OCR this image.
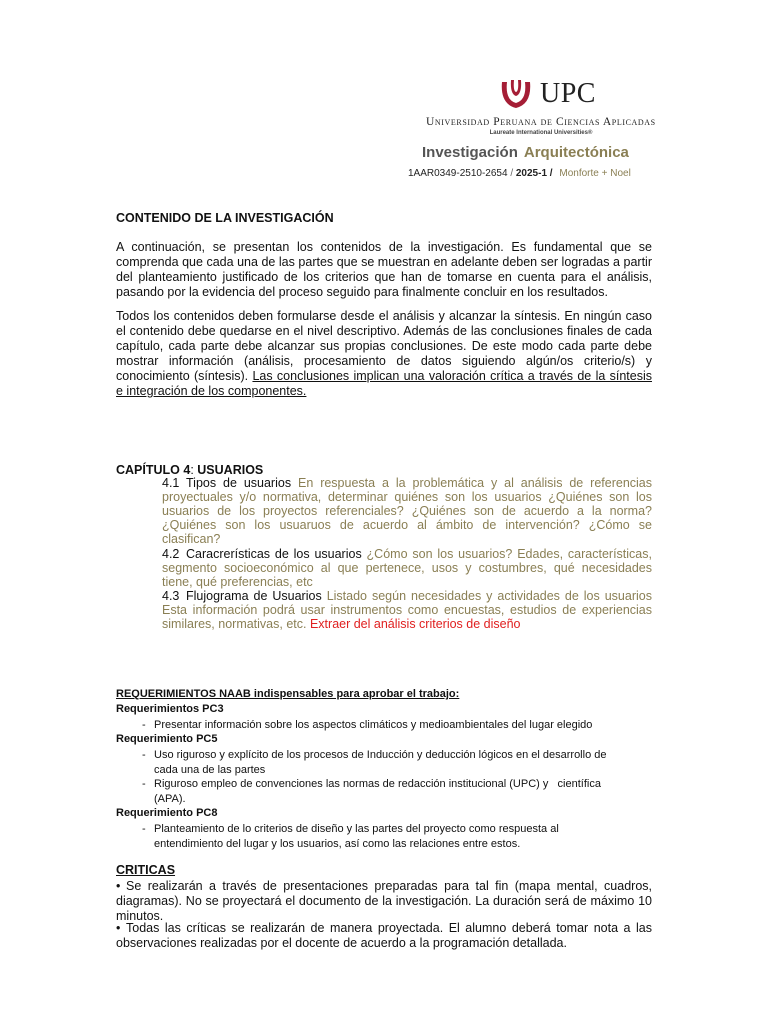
UPC
Universidad Peruana de Ciencias Aplicadas
Laureate International Universities®
Investigación Arquitectónica
1AAR0349-2510-2654 / 2025-1 / Monforte + Noel
CONTENIDO DE LA INVESTIGACIÓN
A continuación, se presentan los contenidos de la investigación. Es fundamental que se comprenda que cada una de las partes que se muestran en adelante deben ser logradas a partir del planteamiento justificado de los criterios que han de tomarse en cuenta para el análisis, pasando por la evidencia del proceso seguido para finalmente concluir en los resultados.
Todos los contenidos deben formularse desde el análisis y alcanzar la síntesis. En ningún caso el contenido debe quedarse en el nivel descriptivo. Además de las conclusiones finales de cada capítulo, cada parte debe alcanzar sus propias conclusiones. De este modo cada parte debe mostrar información (análisis, procesamiento de datos siguiendo algún/os criterio/s) y conocimiento (síntesis). Las conclusiones implican una valoración crítica a través de la síntesis e integración de los componentes.
CAPÍTULO 4: USUARIOS
4.1 Tipos de usuarios En respuesta a la problemática y al análisis de referencias proyectuales y/o normativa, determinar quiénes son los usuarios ¿Quiénes son los usuarios de los proyectos referenciales? ¿Quiénes son de acuerdo a la norma? ¿Quiénes son los usuaruos de acuerdo al ámbito de intervención? ¿Cómo se clasifican?
4.2 Caracrerísticas de los usuarios ¿Cómo son los usuarios? Edades, características, segmento socioeconómico al que pertenece, usos y costumbres, qué necesidades tiene, qué preferencias, etc
4.3 Flujograma de Usuarios Listado según necesidades y actividades de los usuarios Esta información podrá usar instrumentos como encuestas, estudios de experiencias similares, normativas, etc. Extraer del análisis criterios de diseño
REQUERIMIENTOS NAAB indispensables para aprobar el trabajo:
Requerimientos PC3
- Presentar información sobre los aspectos climáticos y medioambientales del lugar elegido
Requerimiento PC5
- Uso riguroso y explícito de los procesos de Inducción y deducción lógicos en el desarrollo de
cada una de las partes
- Riguroso empleo de convenciones las normas de redacción institucional (UPC) y   científica
(APA).
Requerimiento PC8
- Planteamiento de lo criterios de diseño y las partes del proyecto como respuesta al
entendimiento del lugar y los usuarios, así como las relaciones entre estos.
CRITICAS
• Se realizarán a través de presentaciones preparadas para tal fin (mapa mental, cuadros, diagramas). No se proyectará el documento de la investigación. La duración será de máximo 10 minutos.
• Todas las críticas se realizarán de manera proyectada. El alumno deberá tomar nota a las observaciones realizadas por el docente de acuerdo a la programación detallada.
